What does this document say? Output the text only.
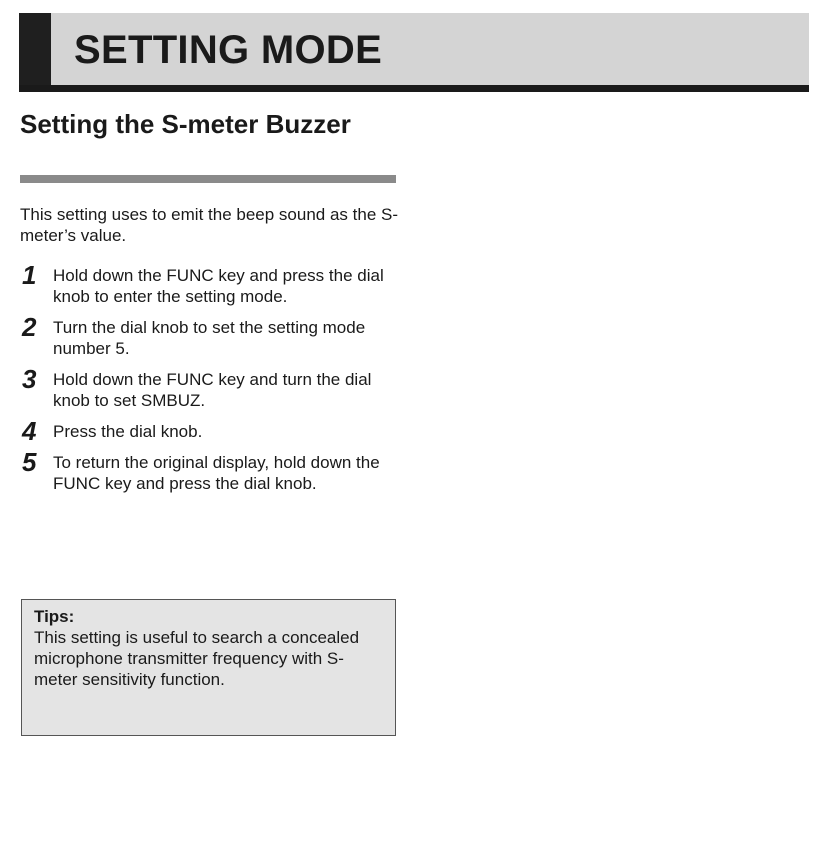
SETTING MODE
Setting the S-meter Buzzer

This setting uses to emit the beep sound as the S-meter’s value.

1 Hold down the FUNC key and press the dial knob to enter the setting mode.
2 Turn the dial knob to set the setting mode number 5.
3 Hold down the FUNC key and turn the dial knob to set SMBUZ.
4 Press the dial knob.
5 To return the original display, hold down the FUNC key and press the dial knob.

Tips:

This setting is useful to search a concealed microphone transmitter frequency with S-meter sensitivity function.
